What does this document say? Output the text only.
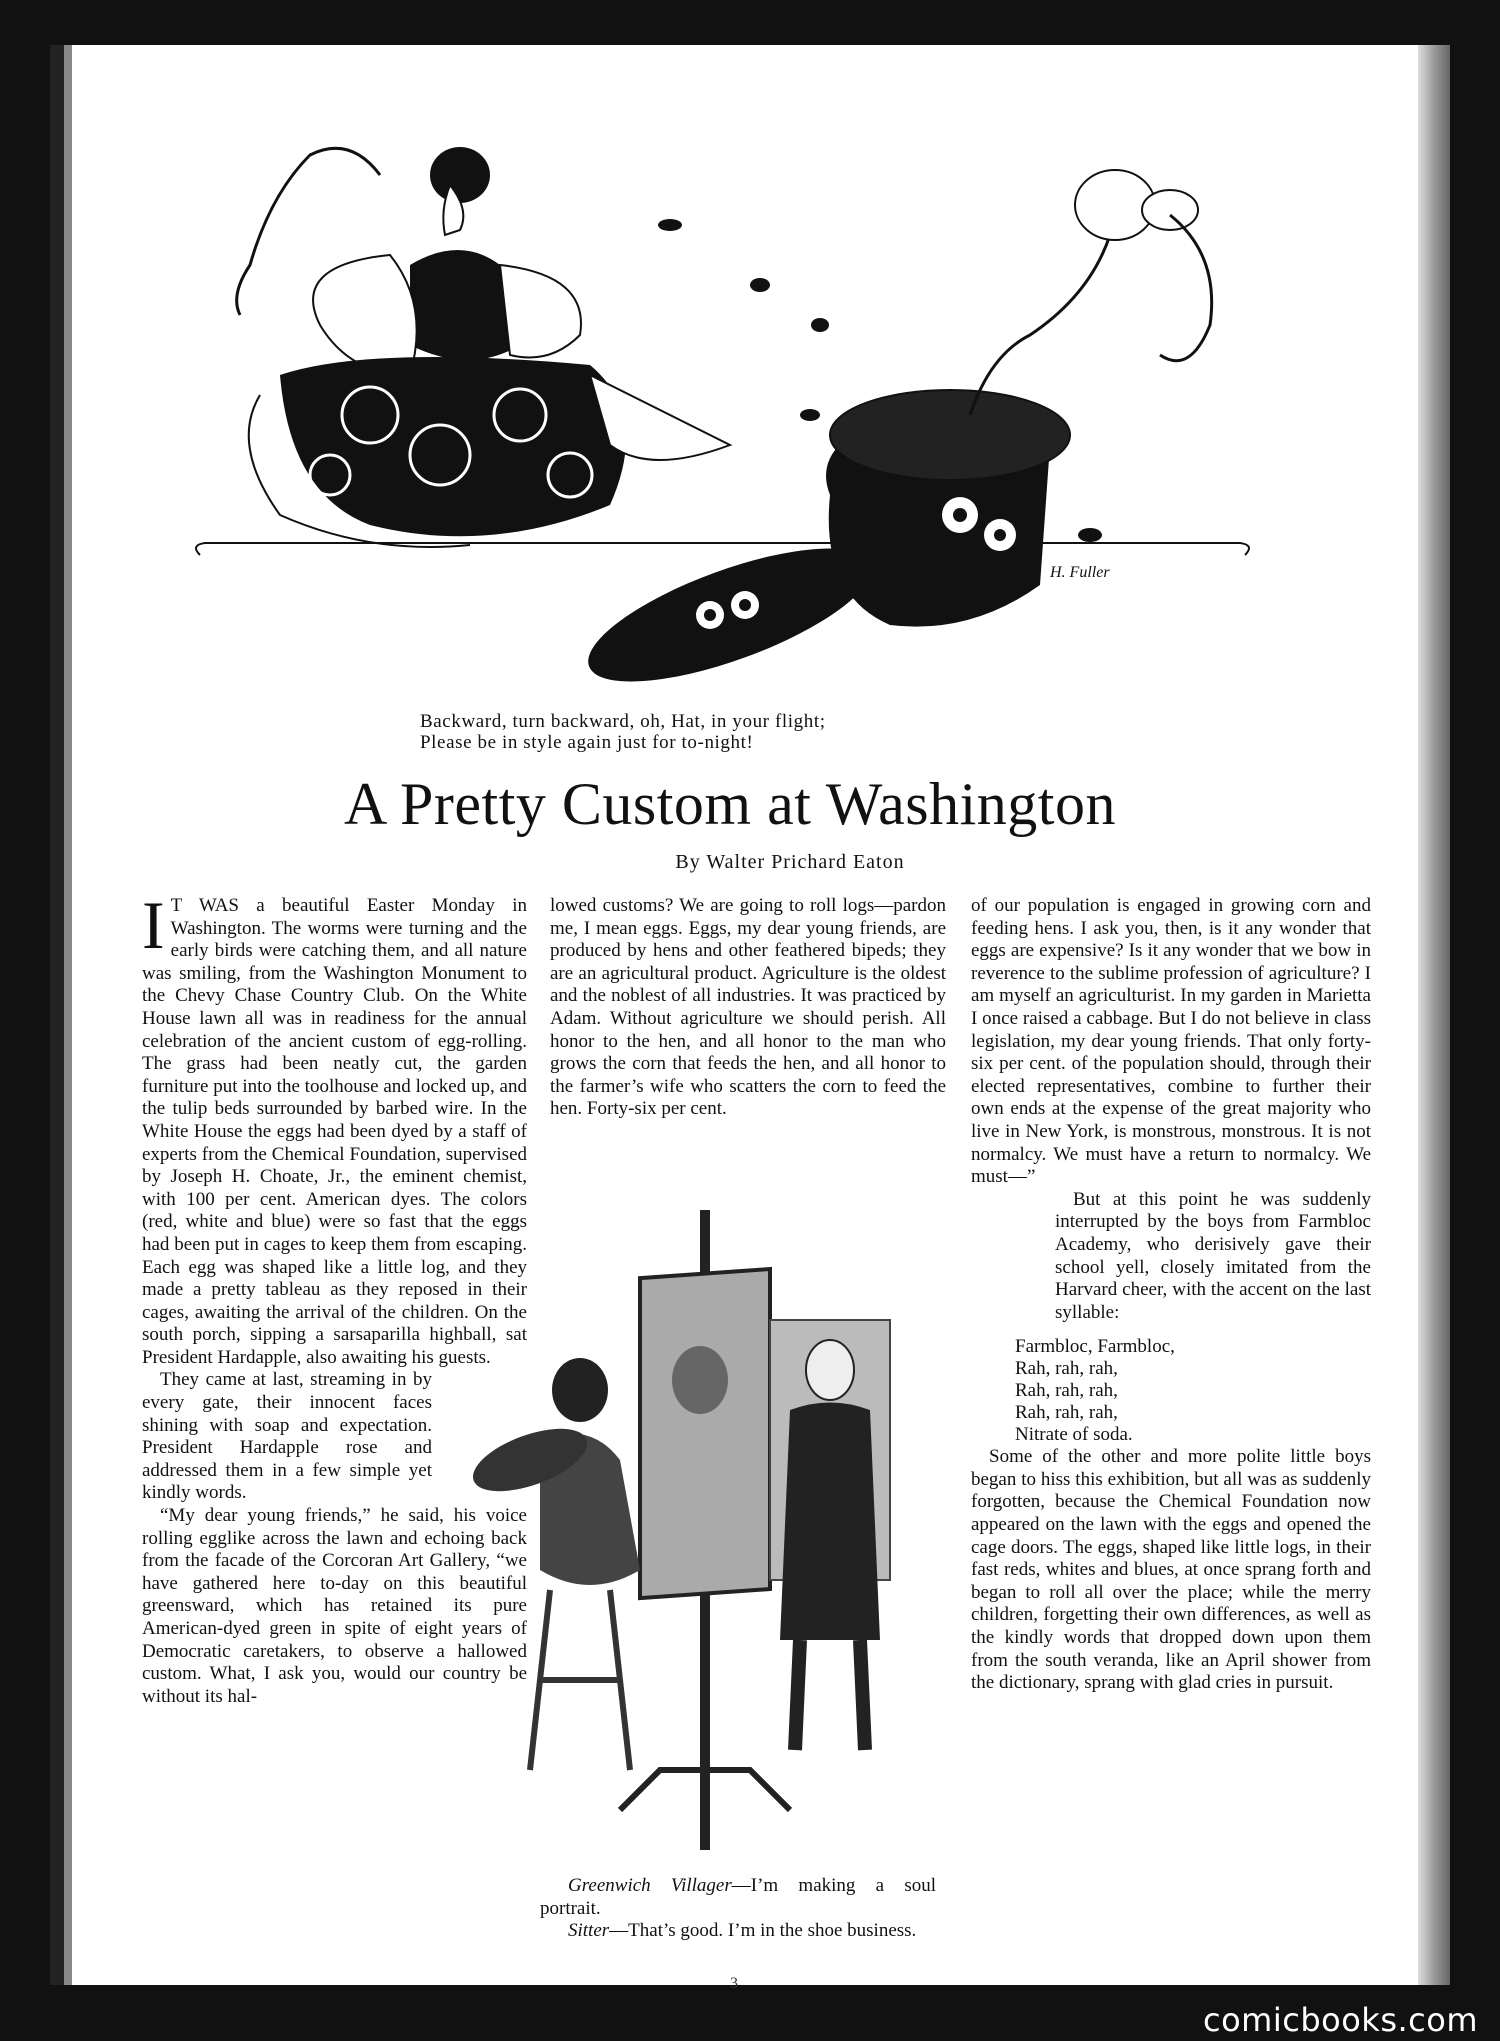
H. Fuller
Backward, turn backward, oh, Hat, in your flight;
Please be in style again just for to-night!
A Pretty Custom at Washington
By Walter Prichard Eaton

I T WAS a beautiful Easter Monday in Washington. The worms were turning and the early birds were catching them, and all nature was smiling, from the Washington Monument to the Chevy Chase Country Club. On the White House lawn all was in readiness for the annual celebration of the ancient custom of egg-rolling. The grass had been neatly cut, the garden furniture put into the toolhouse and locked up, and the tulip beds surrounded by barbed wire. In the White House the eggs had been dyed by a staff of experts from the Chemical Foundation, supervised by Joseph H. Choate, Jr., the eminent chemist, with 100 per cent. American dyes. The colors (red, white and blue) were so fast that the eggs had been put in cages to keep them from escaping. Each egg was shaped like a little log, and they made a pretty tableau as they reposed in their cages, awaiting the arrival of the children. On the south porch, sipping a sarsaparilla highball, sat President Hardapple, also awaiting his guests.

They came at last, streaming in by every gate, their innocent faces shining with soap and expectation. President Hardapple rose and addressed them in a few simple yet kindly words.

“My dear young friends,” he said, his voice rolling egglike across the lawn and echoing back from the facade of the Corcoran Art Gallery, “we have gathered here to-day on this beautiful greensward, which has retained its pure American-dyed green in spite of eight years of Democratic caretakers, to observe a hallowed custom. What, I ask you, would our country be without its hal-

lowed customs? We are going to roll logs—pardon me, I mean eggs. Eggs, my dear young friends, are produced by hens and other feathered bipeds; they are an agricultural product. Agriculture is the oldest and the noblest of all industries. It was practiced by Adam. Without agriculture we should perish. All honor to the hen, and all honor to the man who grows the corn that feeds the hen, and all honor to the farmer’s wife who scatters the corn to feed the hen. Forty-six per cent.

Greenwich Villager—I’m making a soul portrait.
Sitter—That’s good. I’m in the shoe business.

of our population is engaged in growing corn and feeding hens. I ask you, then, is it any wonder that eggs are expensive? Is it any wonder that we bow in reverence to the sublime profession of agriculture? I am myself an agriculturist. In my garden in Marietta I once raised a cabbage. But I do not believe in class legislation, my dear young friends. That only forty-six per cent. of the population should, through their elected representatives, combine to further their own ends at the expense of the great majority who live in New York, is monstrous, monstrous. It is not normalcy. We must have a return to normalcy. We must—”

But at this point he was suddenly interrupted by the boys from Farmbloc Academy, who derisively gave their school yell, closely imitated from the Harvard cheer, with the accent on the last syllable:

Farmbloc, Farmbloc,
Rah, rah, rah,
Rah, rah, rah,
Rah, rah, rah,
Nitrate of soda.

Some of the other and more polite little boys began to hiss this exhibition, but all was as suddenly forgotten, because the Chemical Foundation now appeared on the lawn with the eggs and opened the cage doors. The eggs, shaped like little logs, in their fast reds, whites and blues, at once sprang forth and began to roll all over the place; while the merry children, forgetting their own differences, as well as the kindly words that dropped down upon them from the south veranda, like an April shower from the dictionary, sprang with glad cries in pursuit.

3
comicbooks.com
